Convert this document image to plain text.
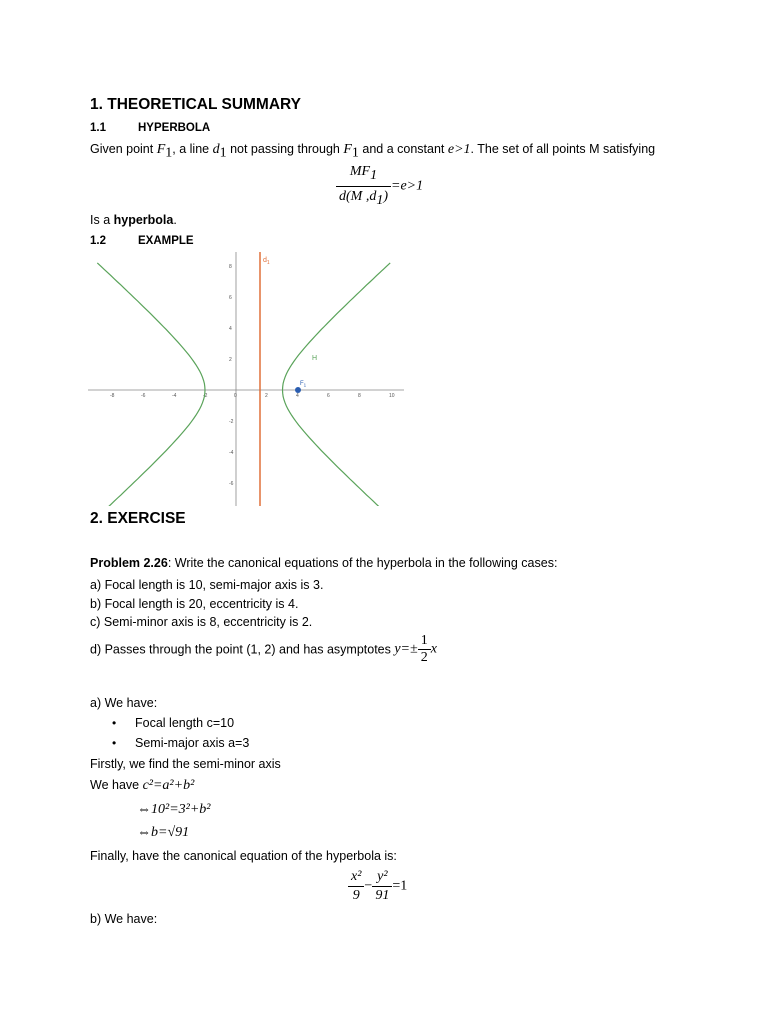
1. THEORETICAL SUMMARY
1.1	HYPERBOLA
Given point $F_1$, a line $d_1$ not passing through $F_1$ and a constant e>1. The set of all points M satisfying
$\frac{MF_1}{d(M ,d_1)} =e>1$
Is a hyperbola.
1.2	EXAMPLE
-8	-6	-4	-2	0	2	4	6	8	10
8
6
4
2
-2
-4
-6
$d_1$
H
$F_1$
2. EXERCISE
Problem 2.26: Write the canonical equations of the hyperbola in the following cases:
a) Focal length is 10, semi-major axis is 3.
b) Focal length is 20, eccentricity is 4.
c) Semi-minor axis is 8, eccentricity is 2.
d) Passes through the point (1, 2) and has asymptotes $y=\pm \frac{1}{2}$ x
a) We have:
• Focal length c=10
• Semi-major axis a=3
Firstly, we find the semi-minor axis
We have c²=a²+b²
⇔10²=3²+b²
⇔b=√91
Finally, have the canonical equation of the hyperbola is:
$\frac{\text{x²}}{9} - \frac{\text{y²}}{91} =1$
b) We have:
